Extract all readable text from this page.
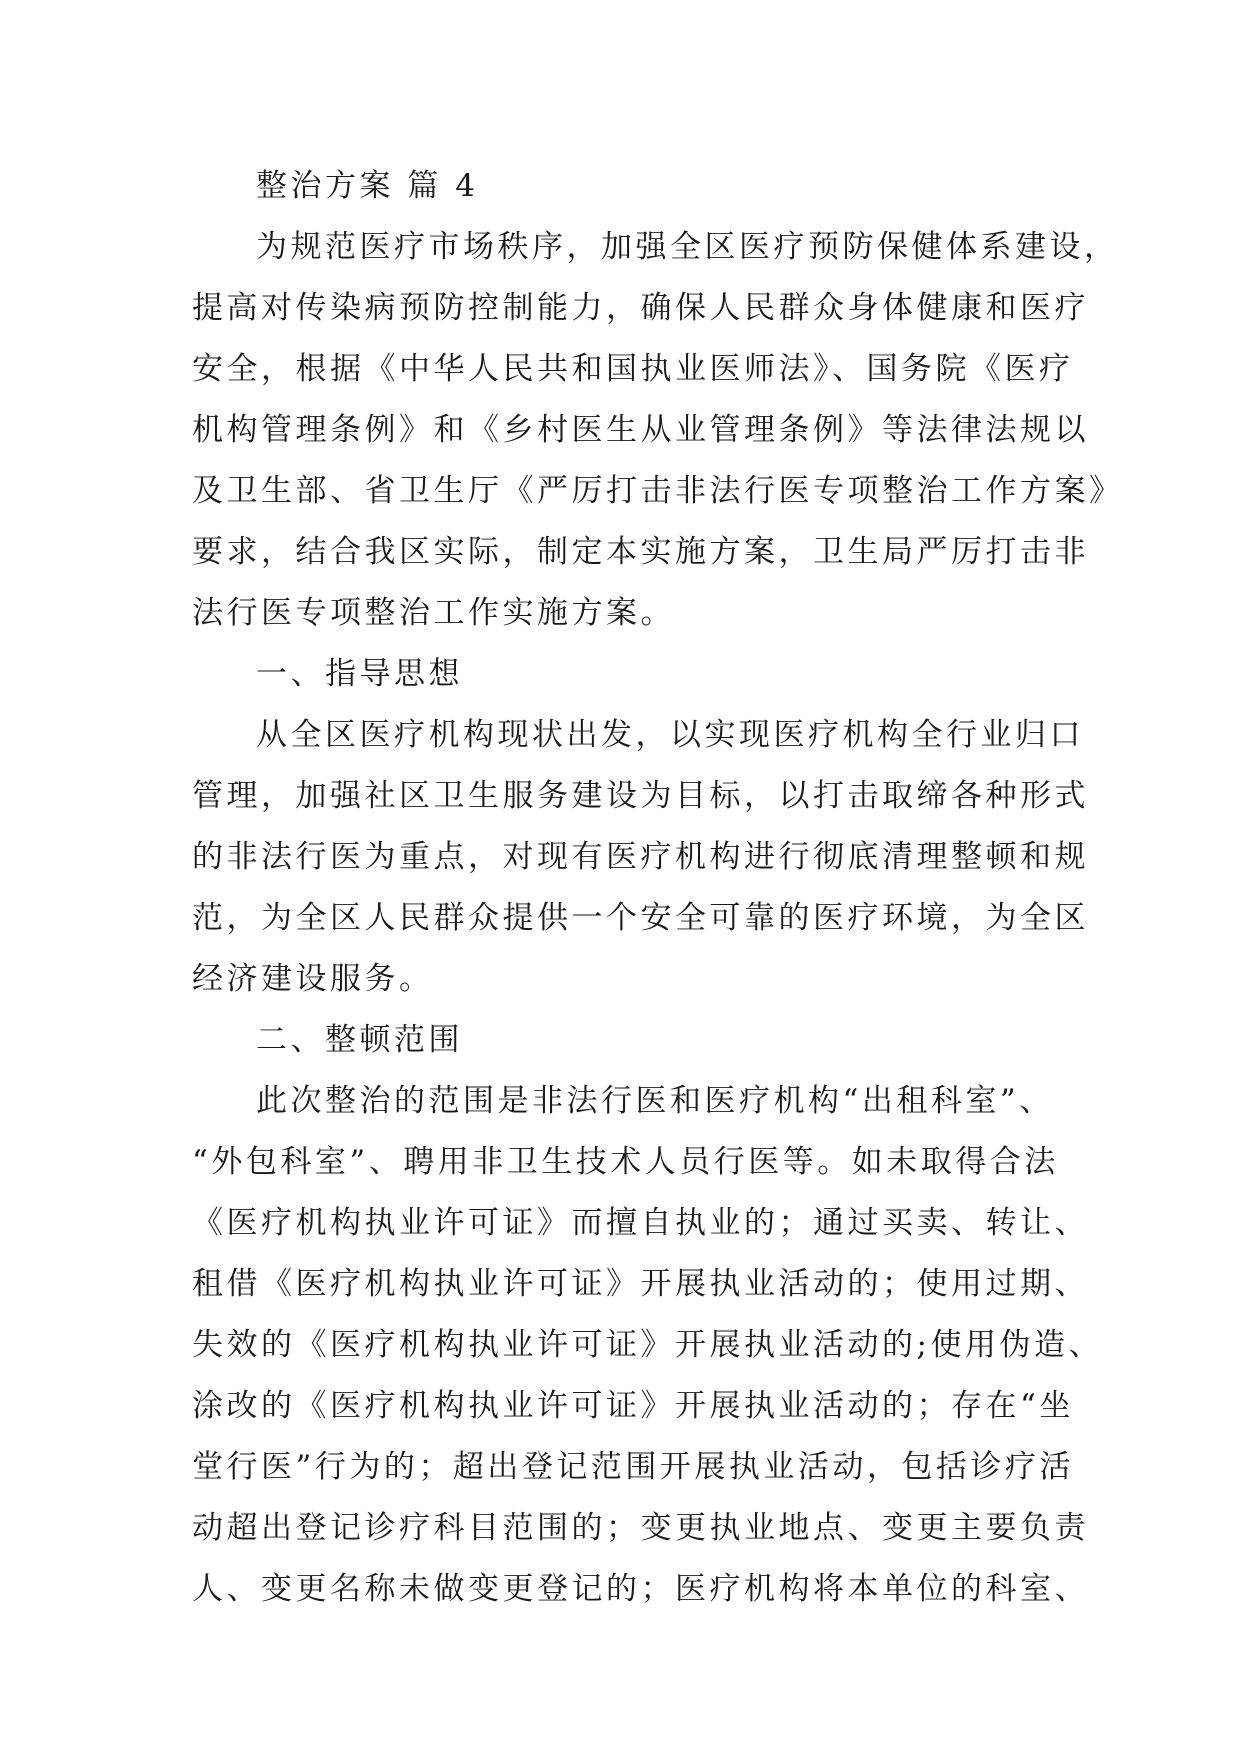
整治方案 篇 4
为规范医疗市场秩序，加强全区医疗预防保健体系建设，
提高对传染病预防控制能力，确保人民群众身体健康和医疗
安全，根据《中华人民共和国执业医师法》、国务院《医疗
机构管理条例》和《乡村医生从业管理条例》等法律法规以
及卫生部、省卫生厅《严厉打击非法行医专项整治工作方案》
要求，结合我区实际，制定本实施方案，卫生局严厉打击非
法行医专项整治工作实施方案。
一、指导思想
从全区医疗机构现状出发，以实现医疗机构全行业归口
管理，加强社区卫生服务建设为目标，以打击取缔各种形式
的非法行医为重点，对现有医疗机构进行彻底清理整顿和规
范，为全区人民群众提供一个安全可靠的医疗环境，为全区
经济建设服务。
二、整顿范围
此次整治的范围是非法行医和医疗机构“出租科室”、
“外包科室”、聘用非卫生技术人员行医等。如未取得合法
《医疗机构执业许可证》而擅自执业的；通过买卖、转让、
租借《医疗机构执业许可证》开展执业活动的；使用过期、
失效的《医疗机构执业许可证》开展执业活动的;使用伪造、
涂改的《医疗机构执业许可证》开展执业活动的；存在“坐
堂行医”行为的；超出登记范围开展执业活动，包括诊疗活
动超出登记诊疗科目范围的；变更执业地点、变更主要负责
人、变更名称未做变更登记的；医疗机构将本单位的科室、
